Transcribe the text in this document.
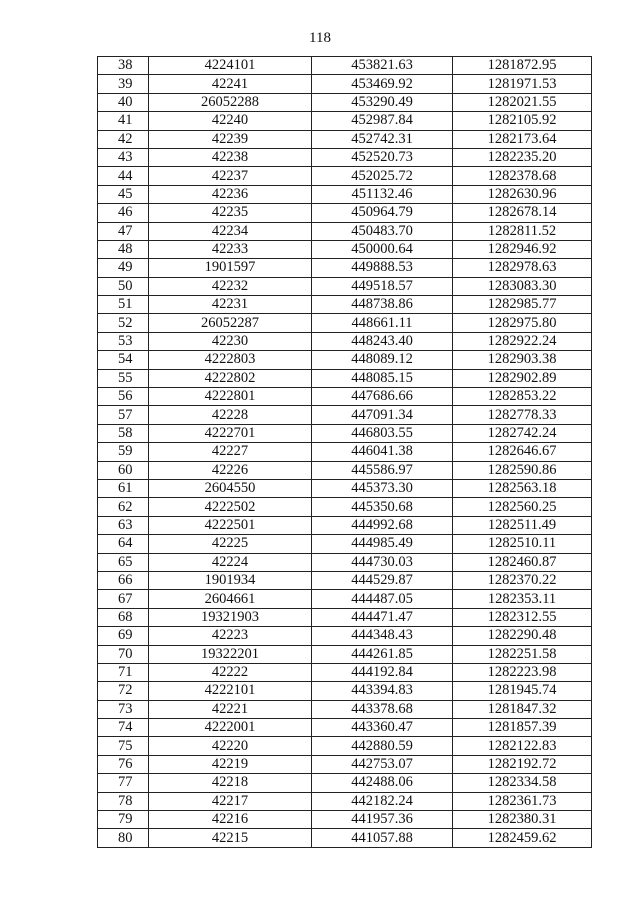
118
38	4224101	453821.63	1281872.95
39	42241	453469.92	1281971.53
40	26052288	453290.49	1282021.55
41	42240	452987.84	1282105.92
42	42239	452742.31	1282173.64
43	42238	452520.73	1282235.20
44	42237	452025.72	1282378.68
45	42236	451132.46	1282630.96
46	42235	450964.79	1282678.14
47	42234	450483.70	1282811.52
48	42233	450000.64	1282946.92
49	1901597	449888.53	1282978.63
50	42232	449518.57	1283083.30
51	42231	448738.86	1282985.77
52	26052287	448661.11	1282975.80
53	42230	448243.40	1282922.24
54	4222803	448089.12	1282903.38
55	4222802	448085.15	1282902.89
56	4222801	447686.66	1282853.22
57	42228	447091.34	1282778.33
58	4222701	446803.55	1282742.24
59	42227	446041.38	1282646.67
60	42226	445586.97	1282590.86
61	2604550	445373.30	1282563.18
62	4222502	445350.68	1282560.25
63	4222501	444992.68	1282511.49
64	42225	444985.49	1282510.11
65	42224	444730.03	1282460.87
66	1901934	444529.87	1282370.22
67	2604661	444487.05	1282353.11
68	19321903	444471.47	1282312.55
69	42223	444348.43	1282290.48
70	19322201	444261.85	1282251.58
71	42222	444192.84	1282223.98
72	4222101	443394.83	1281945.74
73	42221	443378.68	1281847.32
74	4222001	443360.47	1281857.39
75	42220	442880.59	1282122.83
76	42219	442753.07	1282192.72
77	42218	442488.06	1282334.58
78	42217	442182.24	1282361.73
79	42216	441957.36	1282380.31
80	42215	441057.88	1282459.62
